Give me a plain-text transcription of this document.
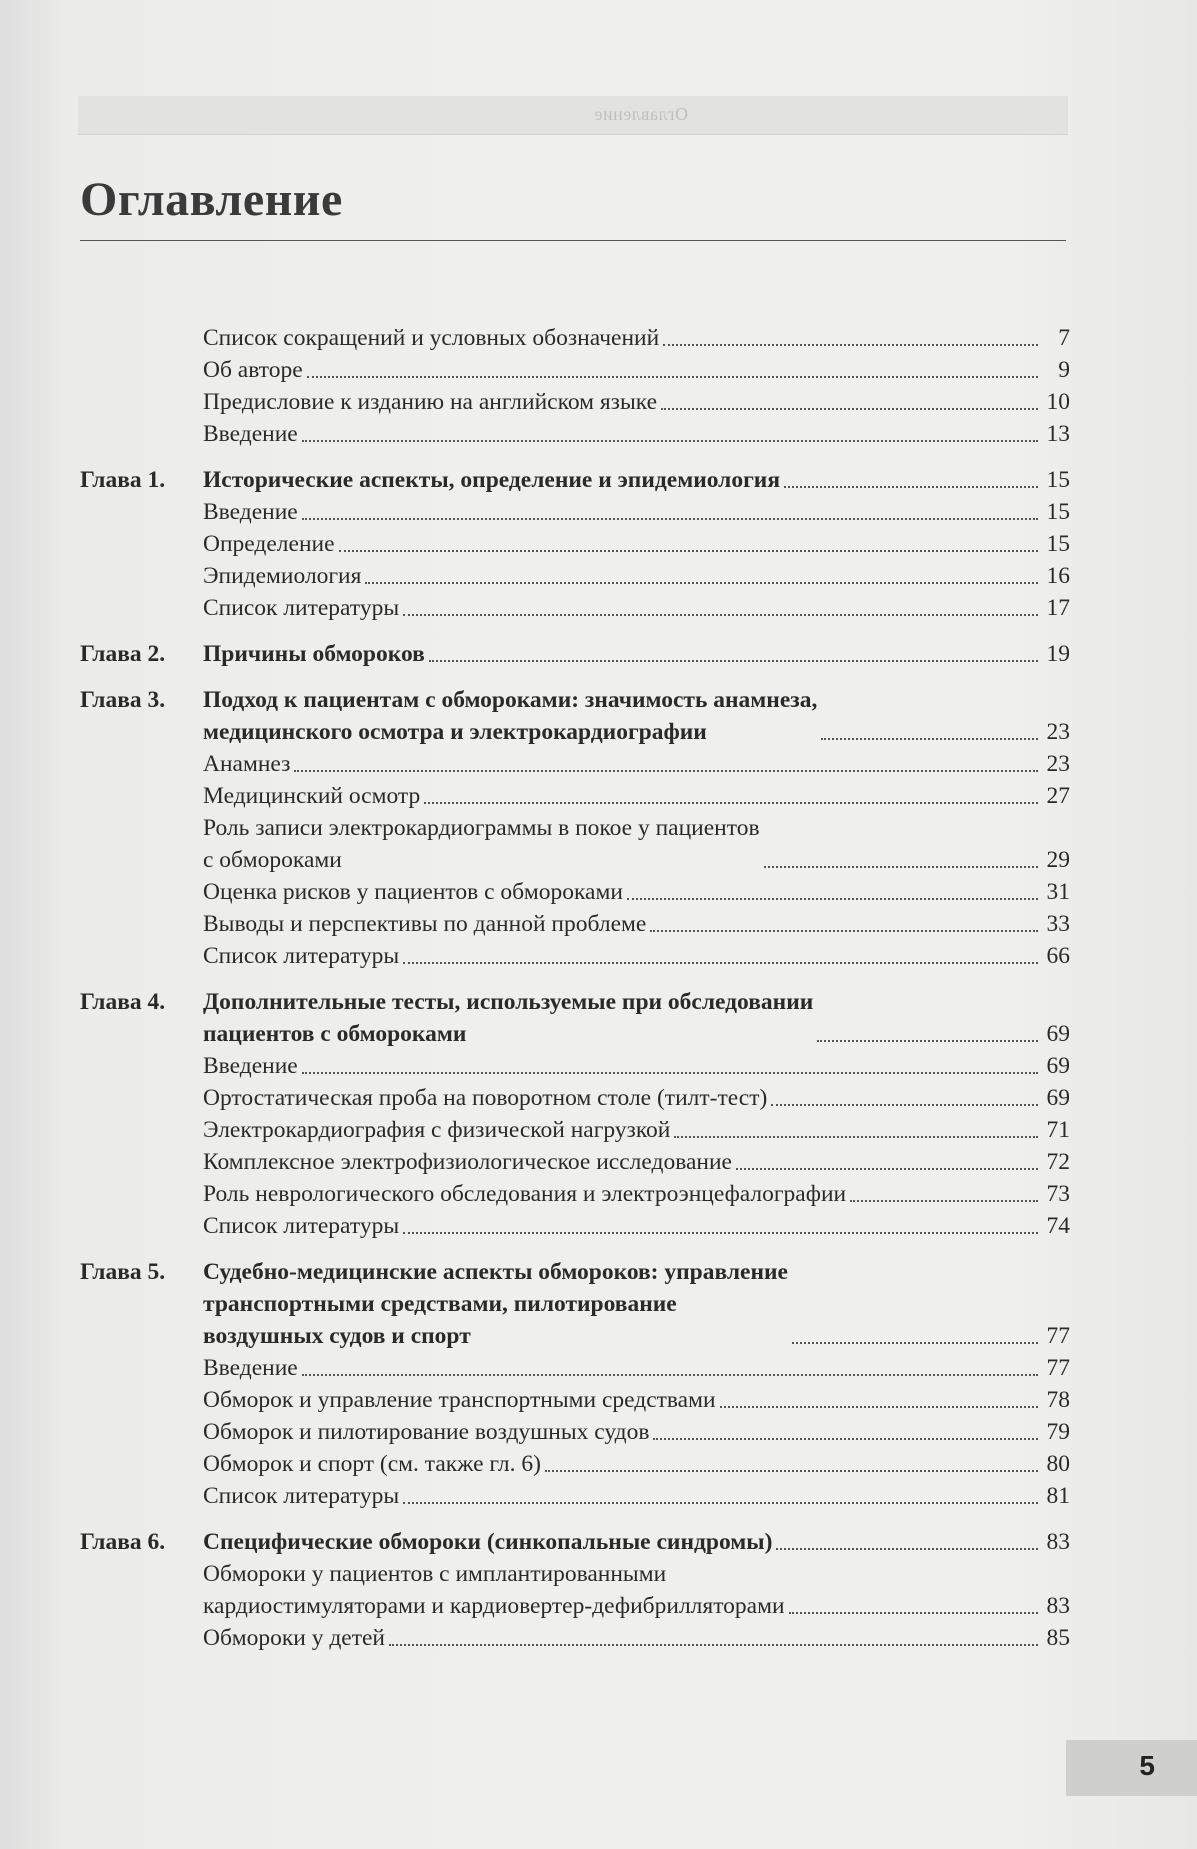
Оглавление
Оглавление
Список сокращений и условных обозначений	7
Об авторе	9
Предисловие к изданию на английском языке	10
Введение	13
Глава 1.	Исторические аспекты, определение и эпидемиология	15
Введение	15
Определение	15
Эпидемиология	16
Список литературы	17
Глава 2.	Причины обмороков	19
Глава 3.	Подход к пациентам с обмороками: значимость анамнеза,
медицинского осмотра и электрокардиографии	23
Анамнез	23
Медицинский осмотр	27
Роль записи электрокардиограммы в покое у пациентов
с обмороками	29
Оценка рисков у пациентов с обмороками	31
Выводы и перспективы по данной проблеме	33
Список литературы	66
Глава 4.	Дополнительные тесты, используемые при обследовании
пациентов с обмороками	69
Введение	69
Ортостатическая проба на поворотном столе (тилт-тест)	69
Электрокардиография с физической нагрузкой	71
Комплексное электрофизиологическое исследование	72
Роль неврологического обследования и электроэнцефалографии	73
Список литературы	74
Глава 5.	Судебно-медицинские аспекты обмороков: управление
транспортными средствами, пилотирование
воздушных судов и спорт	77
Введение	77
Обморок и управление транспортными средствами	78
Обморок и пилотирование воздушных судов	79
Обморок и спорт (см. также гл. 6)	80
Список литературы	81
Глава 6.	Специфические обмороки (синкопальные синдромы)	83
Обмороки у пациентов с имплантированными
кардиостимуляторами и кардиовертер-дефибрилляторами	83
Обмороки у детей	85
5
